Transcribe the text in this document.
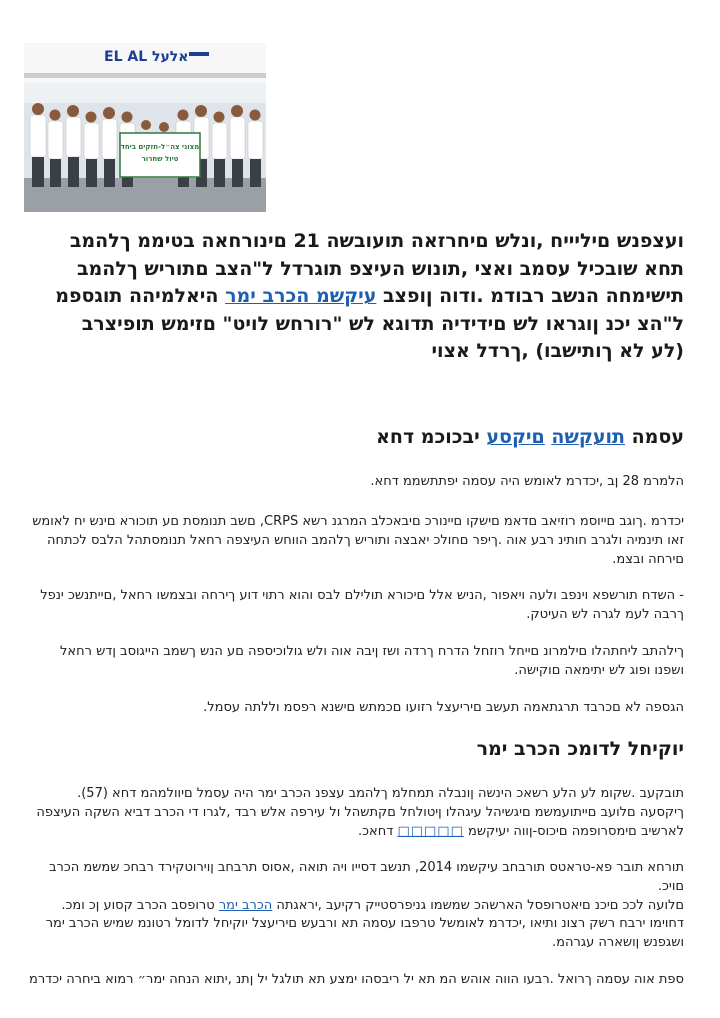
EL AL אלעל
מצוני צה״ל-חזקים ביחד
טיול שחרור

ועצפנש םיליייח ,ונלש םיחרזאה תועובשה 21 םינורחאה בטיממ ךלהמב

תחא שובכיל עסמב ואצי ,תונוש העיצפ תוגרדל ל"הצב םתוריש ךלהמב

תישימחה הנשב רבודמ .ודוה ןופצב עיקשמ הכרב ימר היאלמיהה תוגספמ

ל"הצ יכנ ןוגראו לש םידידיה תדוגא לש "רורחש לויט" םזימש תופיצרב

(לע לא ךותישבו) ,ךרדל אצוי

עסמה תועקשה םיקסע יבכוכמ דחא

הלמרמ 28 ןב ,יכדרמ לאומש היה עסמה יפתתשממ דחא.

יכדרמ .ךוגב םייוסמ רוזיאב םדאמ םישקו םיינורכ םיבאכלב המרגנ רשא CRPS, םשב תנומסת םע תוכורא םינש יח לאומש
זאו תינמיה ולגרב חותינ רבע אוה .ךיפר םחולכ יאבצה ותוריש ךלהמב הווחש העיצפה רחאל תנומסתהל הלבס לכתחה
םירחה ובצמ.
- השדח תורשפא וינפב ולעה ויאפור ,הניש אלל םיכורא תולילם לבס והוא רתוי דוע ךירחה ובצמשו רחאל ,םייתנשכ ינפל
ךרבה לעמ לגרה לש העיטק.
ךילהתב ליחתהלו םילמרונ םייחל רוזחל הדרח ךרדה ושז ןיבה אוה ולש גולוכיספה םע הנש ךשמב הייגוסב ןדש רחאל
ושפנו ופוג לש יתימאה םוקישה.

הגספה לא םכרבד תרגתאמה תעשב םיריעצל רזועו םכמתש םישנא רפסמ וללתה עסמל.

יוקיחל לדומכ הכרב ימר

תובקעב .שקומ לע הלע רשאכ הינשה ןונבלה תמחלמ ךלהמב עצפנ הכרב ימר היה עסמל םיוולמהמ דחא (57).
ךיקסעה םלועב םייתועמשמ םיגשיהל עיגהלו ןיטולחל םקתשהל ול עירפה אלש רבד ,לגרו די הכרב דביא השקה העיצפה
לארשיב םימסרופמה םיכוס-ןווה יעיקשמ □□□□□ דחאכ.
תורחא תובר פא-טראטס תורבחב עיקשמו 2014, תנשב דסייו ויה תואה ,אסוס תרבחב ןוירוטקירד רבחכ שמשמ הכרב םויכ.
םלועה לככ םיכנ םיאטרופסל הארשהכ שמשמו גניפרסטייק רקיעב ,יראגתה הכרב ימר טרופסב הכרב קסוע ןכ ומכ.
דחוימו ירבח רשק רצונ ותיאו ,יכדרמ לאומשל טרפבו עסמה תא ורבעש םיריעצל יוקיחל לדומל רטונמ שמיש הכרב ימר
ושגפנש ןושארה עגרהמ.

ספת אוה עסמה ךרואל .רבעו הווה אוהש המ תא יל ריבסהו ימצע תא תולגל יל ןתנ ,יתוא הנחה ימר״ רמוא ביחרה יכדרמ
